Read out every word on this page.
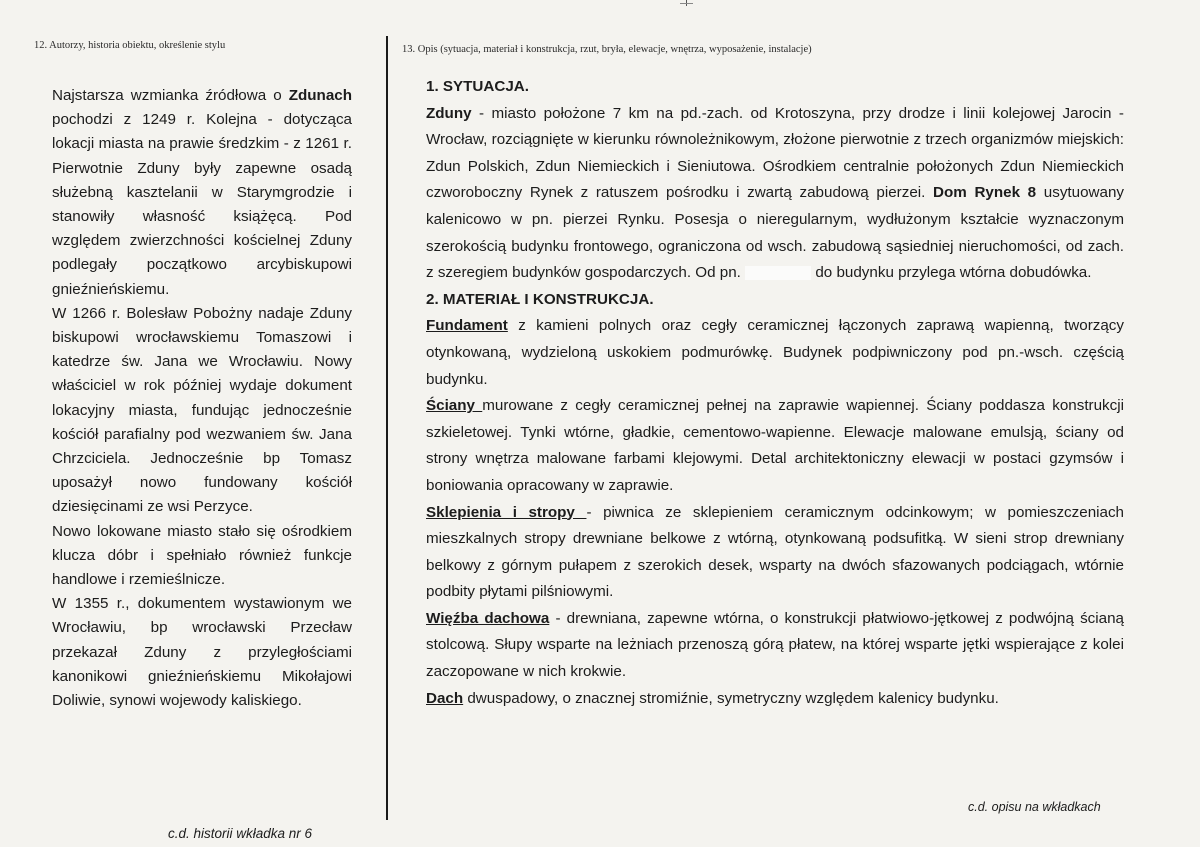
12. Autorzy, historia obiektu, określenie stylu	13. Opis (sytuacja, materiał i konstrukcja, rzut, bryła, elewacje, wnętrza, wyposażenie, instalacje)

Najstarsza wzmianka źródłowa o Zdunach pochodzi z 1249 r. Kolejna - dotycząca lokacji miasta na prawie średzkim - z 1261 r. Pierwotnie Zduny były zapewne osadą służebną kasztelanii w Starymgrodzie i stanowiły własność książęcą. Pod względem zwierzchności kościelnej Zduny podlegały początkowo arcybiskupowi gnieźnieńskiemu.

W 1266 r. Bolesław Pobożny nadaje Zduny biskupowi wrocławskiemu Tomaszowi i katedrze św. Jana we Wrocławiu. Nowy właściciel w rok później wydaje dokument lokacyjny miasta, fundując jednocześnie kościół parafialny pod wezwaniem św. Jana Chrzciciela. Jednocześnie bp Tomasz uposażył nowo fundowany kościół dziesięcinami ze wsi Perzyce.

Nowo lokowane miasto stało się ośrodkiem klucza dóbr i spełniało również funkcje handlowe i rzemieślnicze.

W 1355 r., dokumentem wystawionym we Wrocławiu, bp wrocławski Przecław przekazał Zduny z przyległościami kanonikowi gnieźnieńskiemu Mikołajowi Doliwie, synowi wojewody kaliskiego.

c.d. historii wkładka nr 6

1. SYTUACJA.

Zduny - miasto położone 7 km na pd.-zach. od Krotoszyna, przy drodze i linii kolejowej Jarocin - Wrocław, rozciągnięte w kierunku równoleżnikowym, złożone pierwotnie z trzech organizmów miejskich: Zdun Polskich, Zdun Niemieckich i Sieniutowa. Ośrodkiem centralnie położonych Zdun Niemieckich czworoboczny Rynek z ratuszem pośrodku i zwartą zabudową pierzei. Dom Rynek 8 usytuowany kalenicowo w pn. pierzei Rynku. Posesja o nieregularnym, wydłużonym kształcie wyznaczonym szerokością budynku frontowego, ograniczona od wsch. zabudową sąsiedniej nieruchomości, od zach. z szeregiem budynków gospodarczych. Od pn.	do budynku przylega wtórna dobudówka.

2. MATERIAŁ I KONSTRUKCJA.

Fundament z kamieni polnych oraz cegły ceramicznej łączonych zaprawą wapienną, tworzący otynkowaną, wydzieloną uskokiem podmurówkę. Budynek podpiwniczony pod pn.-wsch. częścią budynku.

Ściany murowane z cegły ceramicznej pełnej na zaprawie wapiennej. Ściany poddasza konstrukcji szkieletowej. Tynki wtórne, gładkie, cementowo-wapienne. Elewacje malowane emulsją, ściany od strony wnętrza malowane farbami klejowymi. Detal architektoniczny elewacji w postaci gzymsów i boniowania opracowany w zaprawie.

Sklepienia i stropy - piwnica ze sklepieniem ceramicznym odcinkowym; w pomieszczeniach mieszkalnych stropy drewniane belkowe z wtórną, otynkowaną podsufitką. W sieni strop drewniany belkowy z górnym pułapem z szerokich desek, wsparty na dwóch sfazowanych podciągach, wtórnie podbity płytami pilśniowymi.

Więźba dachowa - drewniana, zapewne wtórna, o konstrukcji płatwiowo-jętkowej z podwójną ścianą stolcową. Słupy wsparte na leżniach przenoszą górą płatew, na której wsparte jętki wspierające z kolei zaczopowane w nich krokwie.

Dach dwuspadowy, o znacznej stromiźnie, symetryczny względem kalenicy budynku.

c.d. opisu na wkładkach
